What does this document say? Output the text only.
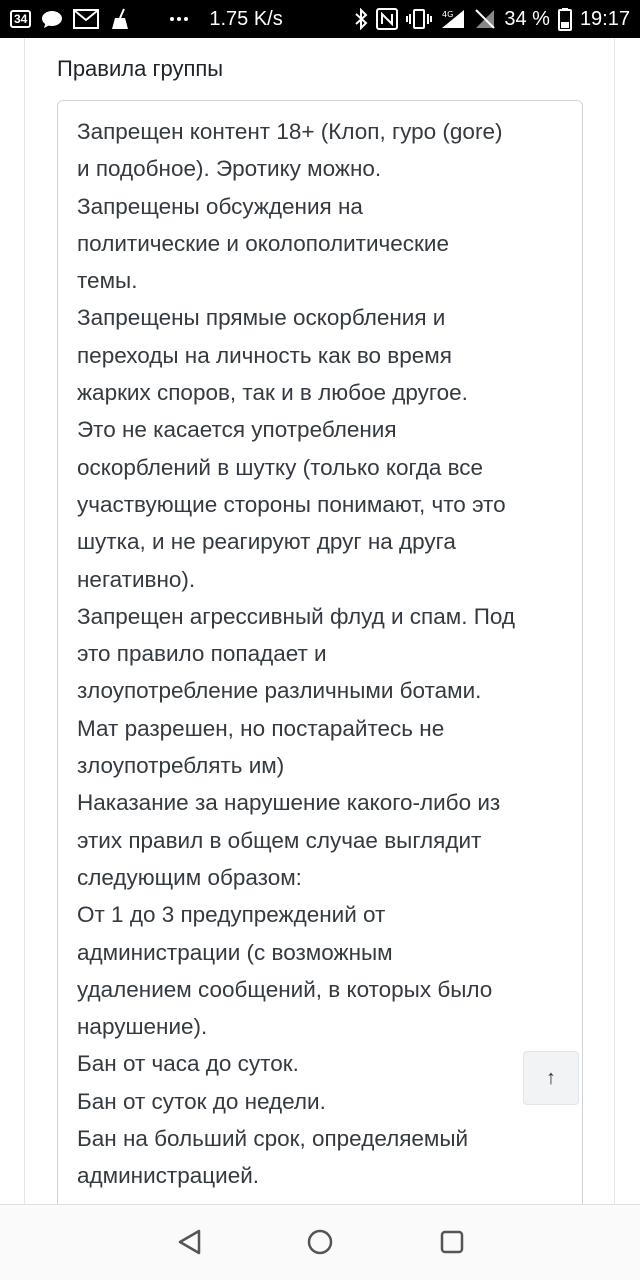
34	1.75 K/s	4G	34 % 19:17
Правила группы
Запрещен контент 18+ (Клоп, гуро (gore)
и подобное). Эротику можно.
Запрещены обсуждения на
политические и околополитические
темы.
Запрещены прямые оскорбления и
переходы на личность как во время
жарких споров, так и в любое другое.
Это не касается употребления
оскорблений в шутку (только когда все
участвующие стороны понимают, что это
шутка, и не реагируют друг на друга
негативно).
Запрещен агрессивный флуд и спам. Под
это правило попадает и
злоупотребление различными ботами.
Мат разрешен, но постарайтесь не
злоупотреблять им)
Наказание за нарушение какого-либо из
этих правил в общем случае выглядит
следующим образом:
От 1 до 3 предупреждений от
администрации (с возможным
удалением сообщений, в которых было
нарушение).
Бан от часа до суток.
Бан от суток до недели.
Бан на больший срок, определяемый
администрацией.
↑
